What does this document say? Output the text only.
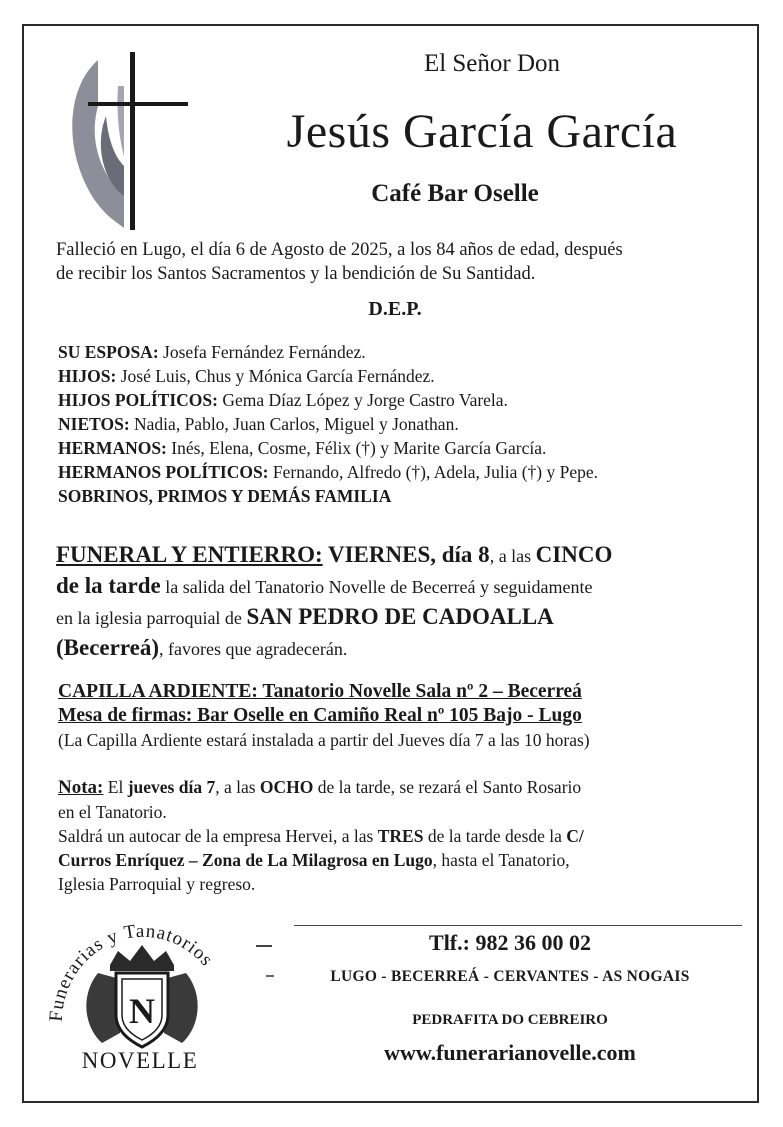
El Señor Don
Jesús García García
Café Bar Oselle
Falleció en Lugo, el día 6 de Agosto de 2025, a los 84 años de edad, después
de recibir los Santos Sacramentos y la bendición de Su Santidad.
D.E.P.
SU ESPOSA: Josefa Fernández Fernández.
HIJOS: José Luis, Chus y Mónica García Fernández.
HIJOS POLÍTICOS: Gema Díaz López y Jorge Castro Varela.
NIETOS: Nadia, Pablo, Juan Carlos, Miguel y Jonathan.
HERMANOS: Inés, Elena, Cosme, Félix (†) y Marite García García.
HERMANOS POLÍTICOS: Fernando, Alfredo (†), Adela, Julia (†) y Pepe.
SOBRINOS, PRIMOS Y DEMÁS FAMILIA
FUNERAL Y ENTIERRO: VIERNES, día 8, a las CINCO
de la tarde la salida del Tanatorio Novelle de Becerreá y seguidamente
en la iglesia parroquial de SAN PEDRO DE CADOALLA
(Becerreá), favores que agradecerán.
CAPILLA ARDIENTE: Tanatorio Novelle Sala nº 2 – Becerreá
Mesa de firmas: Bar Oselle en Camiño Real nº 105 Bajo - Lugo
(La Capilla Ardiente estará instalada a partir del Jueves día 7 a las 10 horas)
Nota: El jueves día 7, a las OCHO de la tarde, se rezará el Santo Rosario
en el Tanatorio.
Saldrá un autocar de la empresa Hervei, a las TRES de la tarde desde la C/
Curros Enríquez – Zona de La Milagrosa en Lugo, hasta el Tanatorio,
Iglesia Parroquial y regreso.
Funerarias y Tanatorios
N
NOVELLE
Tlf.: 982 36 00 02
LUGO - BECERREÁ - CERVANTES - AS NOGAIS
PEDRAFITA DO CEBREIRO
www.funerarianovelle.com
